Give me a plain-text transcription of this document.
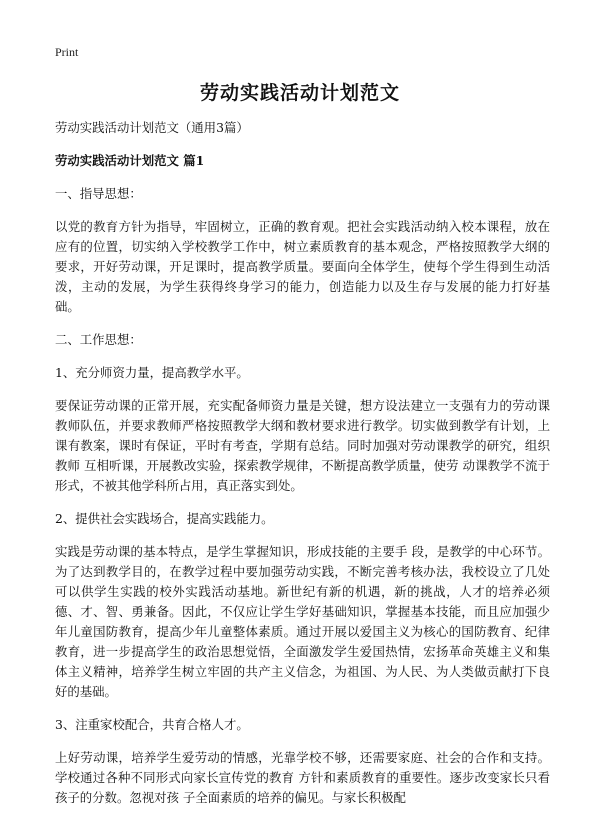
Print
劳动实践活动计划范文

劳动实践活动计划范文（通用3篇）

劳动实践活动计划范文 篇1

一、指导思想：

以党的教育方针为指导，牢固树立，正确的教育观。把社会实践活动纳入校本课程，放在应有的位置，切实纳入学校教学工作中，树立素质教育的基本观念，严格按照教学大纲的要求，开好劳动课，开足课时，提高教学质量。要面向全体学生，使每个学生得到生动活泼，主动的发展，为学生获得终身学习的能力，创造能力以及生存与发展的能力打好基础。

二、工作思想：

1、充分师资力量，提高教学水平。

要保证劳动课的正常开展，充实配备师资力量是关键，想方设法建立一支强有力的劳动课教师队伍，并要求教师严格按照教学大纲和教材要求进行教学。切实做到教学有计划，上课有教案，课时有保证，平时有考查，学期有总结。同时加强对劳动课教学的研究，组织教师 互相听课，开展教改实验，探索教学规律，不断提高教学质量，使劳 动课教学不流于形式，不被其他学科所占用，真正落实到处。

2、提供社会实践场合，提高实践能力。

实践是劳动课的基本特点，是学生掌握知识，形成技能的主要手 段，是教学的中心环节。为了达到教学目的，在教学过程中要加强劳动实践，不断完善考核办法，我校设立了几处可以供学生实践的校外实践活动基地。新世纪有新的机遇，新的挑战，人才的培养必须德、才、智、勇兼备。因此，不仅应让学生学好基础知识，掌握基本技能，而且应加强少年儿童国防教育，提高少年儿童整体素质。通过开展以爱国主义为核心的国防教育、纪律教育，进一步提高学生的政治思想觉悟，全面激发学生爱国热情，宏扬革命英雄主义和集体主义精神，培养学生树立牢固的共产主义信念，为祖国、为人民、为人类做贡献打下良好的基础。

3、注重家校配合，共育合格人才。

上好劳动课，培养学生爱劳动的情感，光靠学校不够，还需要家庭、社会的合作和支持。学校通过各种不同形式向家长宣传党的教育 方针和素质教育的重要性。逐步改变家长只看孩子的分数。忽视对孩 子全面素质的培养的偏见。与家长积极配
